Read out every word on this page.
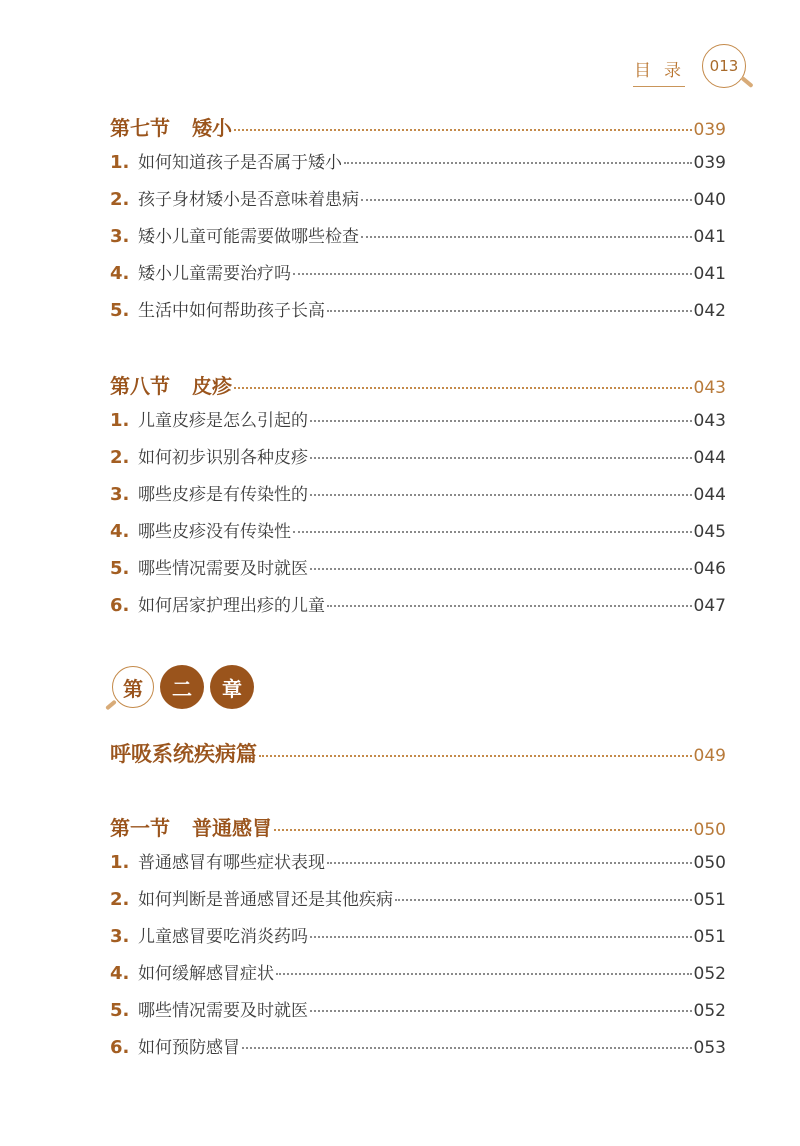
目录 013
第七节 矮小	039
1. 如何知道孩子是否属于矮小	039
2. 孩子身材矮小是否意味着患病	040
3. 矮小儿童可能需要做哪些检查	041
4. 矮小儿童需要治疗吗	041
5. 生活中如何帮助孩子长高	042
第八节 皮疹	043
1. 儿童皮疹是怎么引起的	043
2. 如何初步识别各种皮疹	044
3. 哪些皮疹是有传染性的	044
4. 哪些皮疹没有传染性	045
5. 哪些情况需要及时就医	046
6. 如何居家护理出疹的儿童	047
第 二 章
呼吸系统疾病篇	049
第一节 普通感冒	050
1. 普通感冒有哪些症状表现	050
2. 如何判断是普通感冒还是其他疾病	051
3. 儿童感冒要吃消炎药吗	051
4. 如何缓解感冒症状	052
5. 哪些情况需要及时就医	052
6. 如何预防感冒	053
